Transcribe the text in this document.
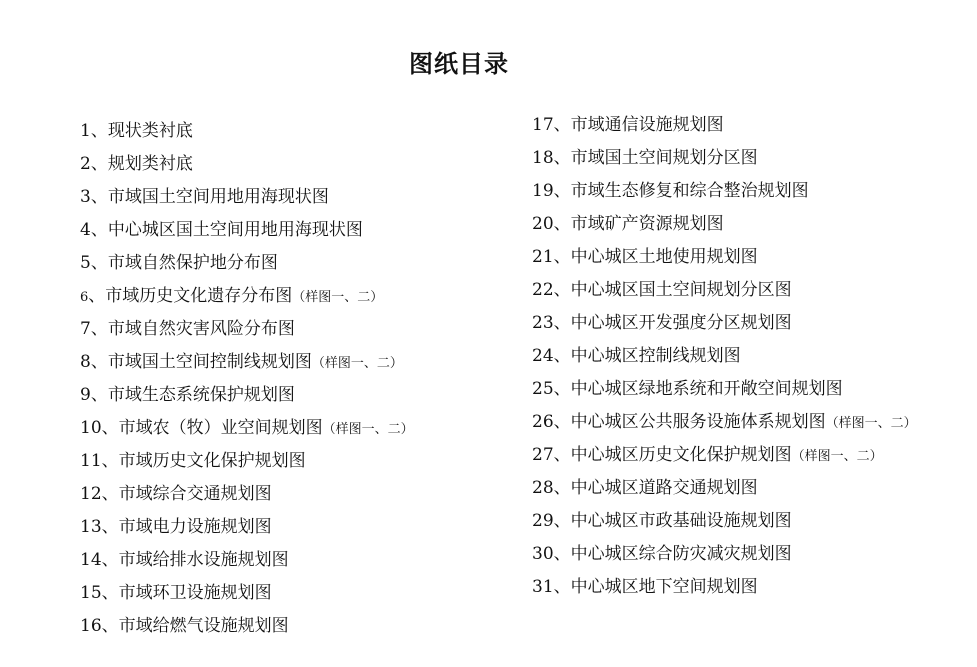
图纸目录
1、现状类衬底
2、规划类衬底
3、市域国土空间用地用海现状图
4、中心城区国土空间用地用海现状图
5、市域自然保护地分布图
6、市域历史文化遗存分布图（样图一、二）
7、市域自然灾害风险分布图
8、市域国土空间控制线规划图（样图一、二）
9、市域生态系统保护规划图
10、市域农（牧）业空间规划图（样图一、二）
11、市域历史文化保护规划图
12、市域综合交通规划图
13、市域电力设施规划图
14、市域给排水设施规划图
15、市域环卫设施规划图
16、市域给燃气设施规划图
17、市域通信设施规划图
18、市域国土空间规划分区图
19、市域生态修复和综合整治规划图
20、市域矿产资源规划图
21、中心城区土地使用规划图
22、中心城区国土空间规划分区图
23、中心城区开发强度分区规划图
24、中心城区控制线规划图
25、中心城区绿地系统和开敞空间规划图
26、中心城区公共服务设施体系规划图（样图一、二）
27、中心城区历史文化保护规划图（样图一、二）
28、中心城区道路交通规划图
29、中心城区市政基础设施规划图
30、中心城区综合防灾减灾规划图
31、中心城区地下空间规划图
